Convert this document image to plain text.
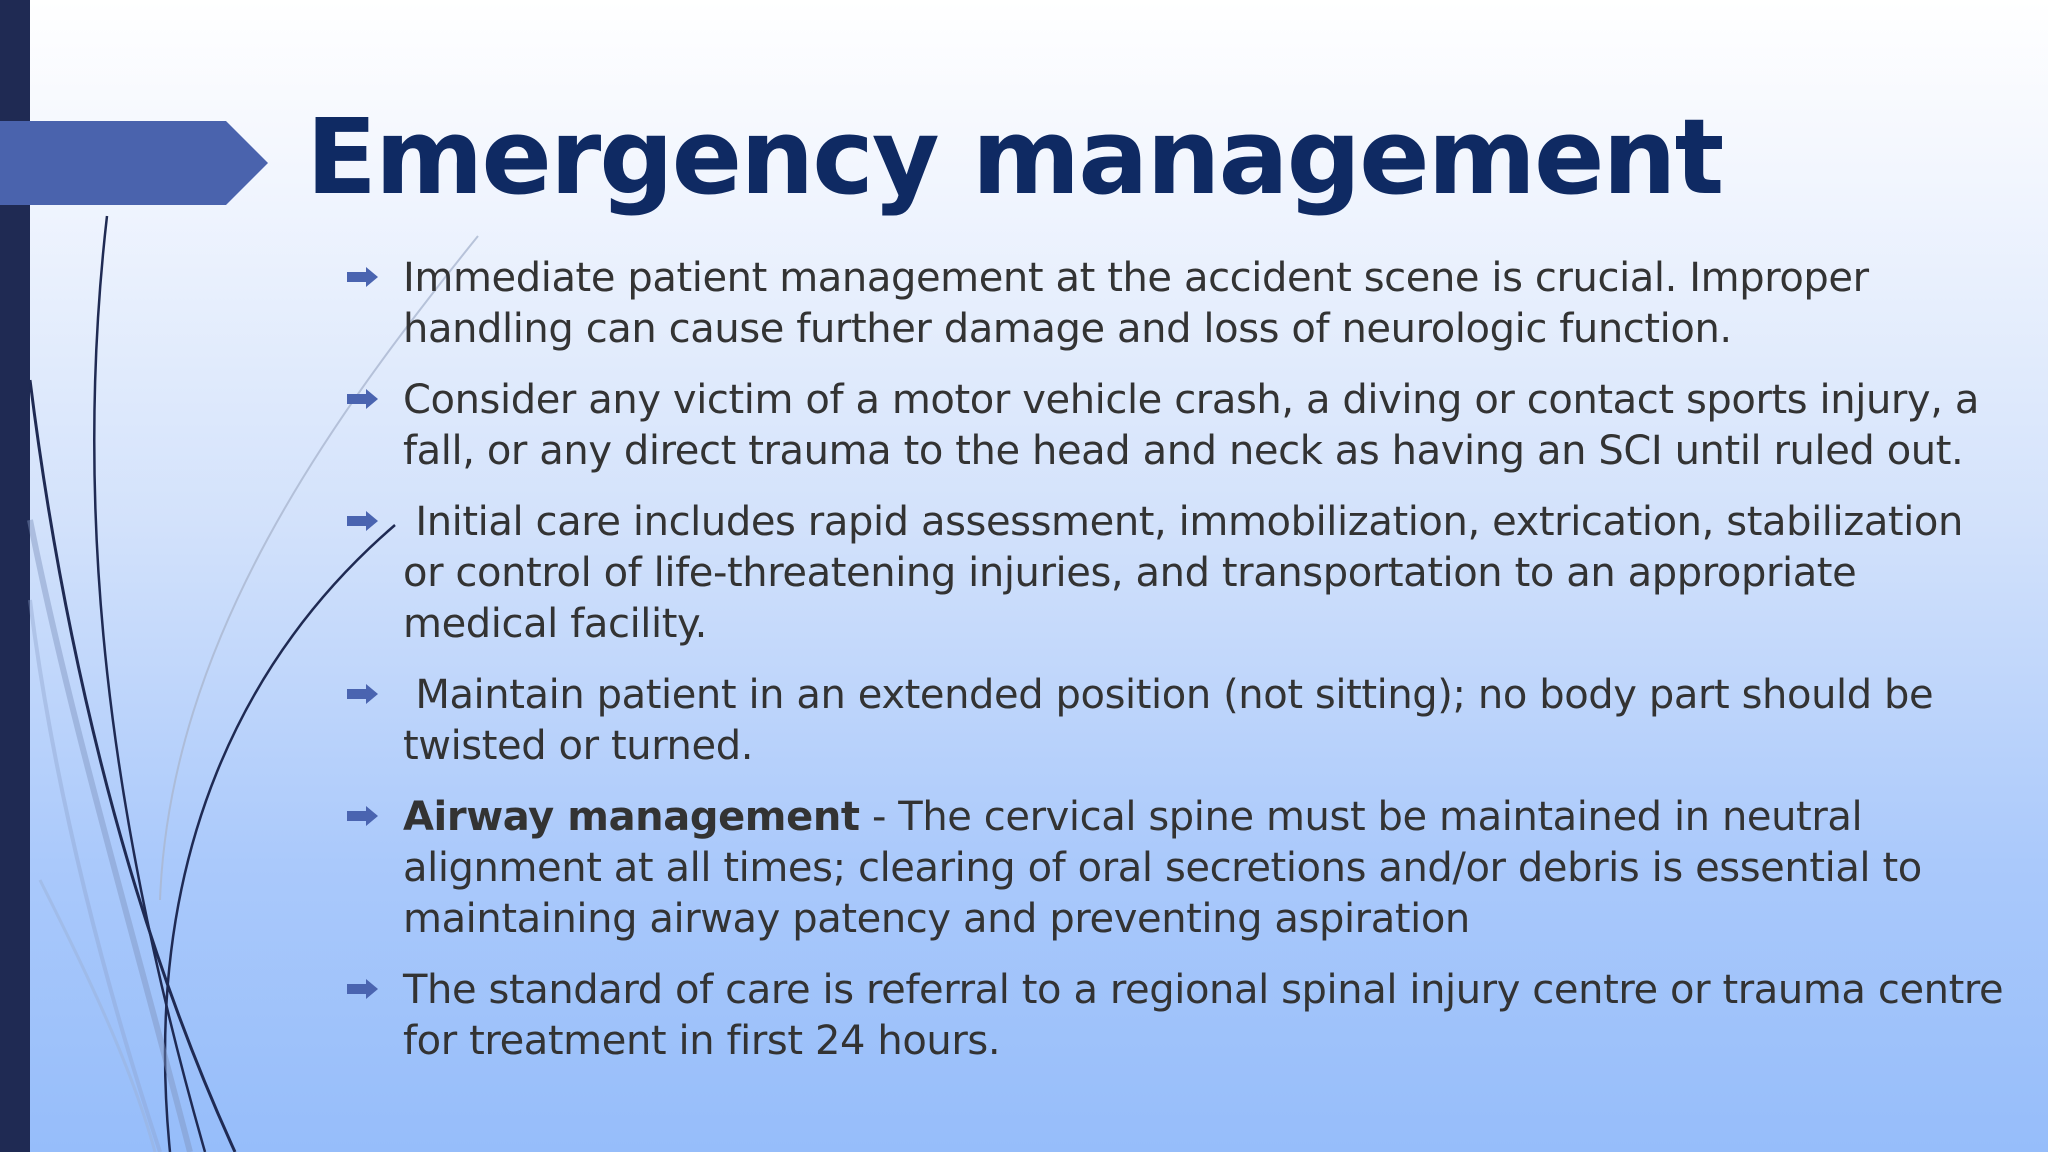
Emergency management
Immediate patient management at the accident scene is crucial. Improper handling can cause further damage and loss of neurologic function.
Consider any victim of a motor vehicle crash, a diving or contact sports injury, a fall, or any direct trauma to the head and neck as having an SCI until ruled out.
Initial care includes rapid assessment, immobilization, extrication, stabilization or control of life-threatening injuries, and transportation to an appropriate medical facility.
Maintain patient in an extended position (not sitting); no body part should be twisted or turned.
Airway management - The cervical spine must be maintained in neutral alignment at all times; clearing of oral secretions and/or debris is essential to maintaining airway patency and preventing aspiration
The standard of care is referral to a regional spinal injury centre or trauma centre for treatment in first 24 hours.
